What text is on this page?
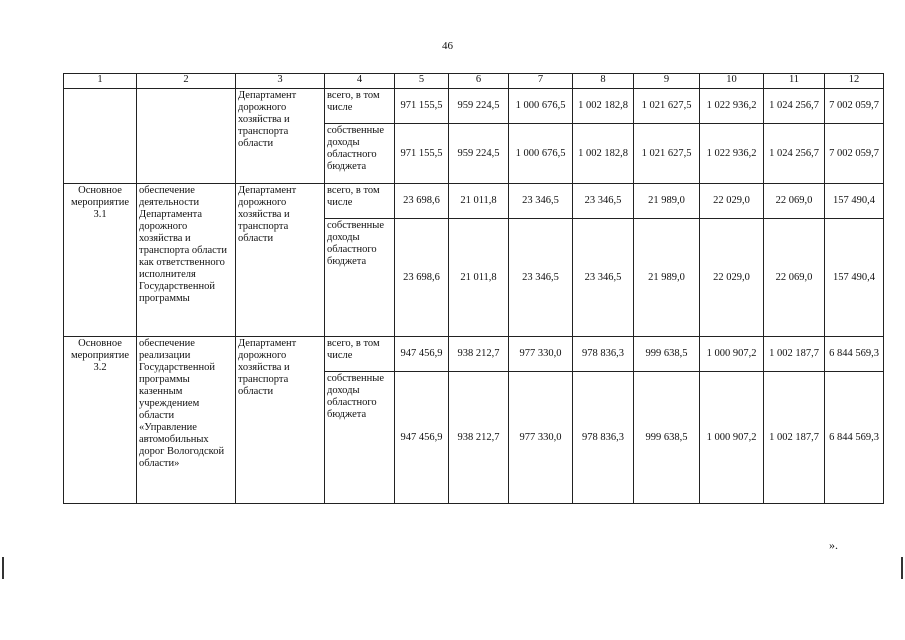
46
1	2	3	4	5	6	7	8	9	10	11	12
		Департамент дорожного хозяйства и транспорта области	всего, в том числе	971 155,5	959 224,5	1 000 676,5	1 002 182,8	1 021 627,5	1 022 936,2	1 024 256,7	7 002 059,7
			собственные доходы областного бюджета	971 155,5	959 224,5	1 000 676,5	1 002 182,8	1 021 627,5	1 022 936,2	1 024 256,7	7 002 059,7
Основное мероприятие 3.1	обеспечение деятельности Департамента дорожного хозяйства и транспорта области как ответственного исполнителя Государственной программы	Департамент дорожного хозяйства и транспорта области	всего, в том числе	23 698,6	21 011,8	23 346,5	23 346,5	21 989,0	22 029,0	22 069,0	157 490,4
			собственные доходы областного бюджета	23 698,6	21 011,8	23 346,5	23 346,5	21 989,0	22 029,0	22 069,0	157 490,4
Основное мероприятие 3.2	обеспечение реализации Государственной программы казенным учреждением области «Управление автомобильных дорог Вологодской области»	Департамент дорожного хозяйства и транспорта области	всего, в том числе	947 456,9	938 212,7	977 330,0	978 836,3	999 638,5	1 000 907,2	1 002 187,7	6 844 569,3
			собственные доходы областного бюджета	947 456,9	938 212,7	977 330,0	978 836,3	999 638,5	1 000 907,2	1 002 187,7	6 844 569,3
».
